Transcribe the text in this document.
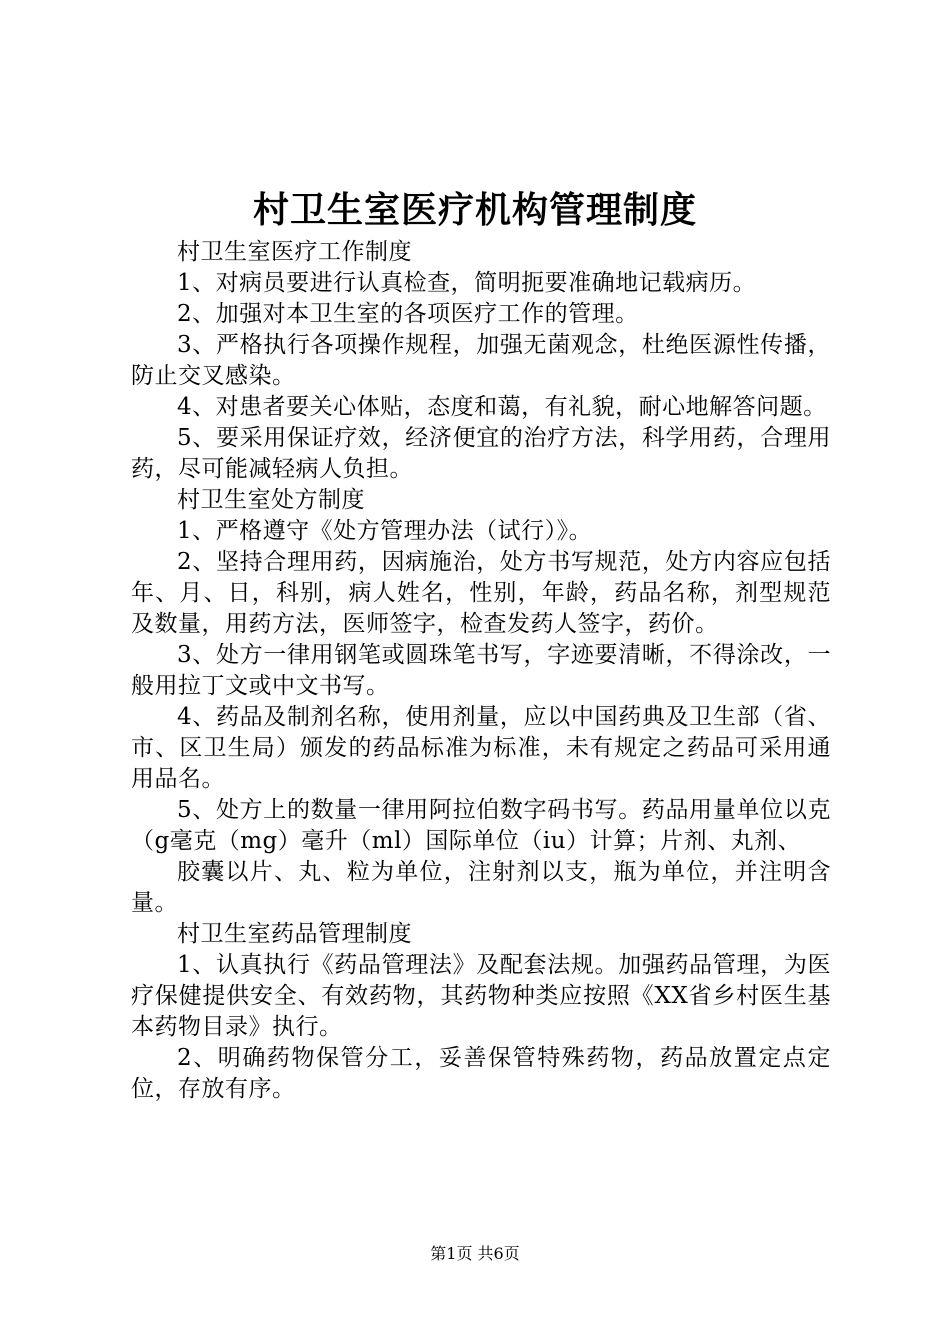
村卫生室医疗机构管理制度

村卫生室医疗工作制度

1、对病员要进行认真检查，简明扼要准确地记载病历。

2、加强对本卫生室的各项医疗工作的管理。

3、严格执行各项操作规程，加强无菌观念，杜绝医源性传播，防止交叉感染。

4、对患者要关心体贴，态度和蔼，有礼貌，耐心地解答问题。

5、要采用保证疗效，经济便宜的治疗方法，科学用药，合理用药，尽可能减轻病人负担。

村卫生室处方制度

1、严格遵守《处方管理办法（试行）》。

2、坚持合理用药，因病施治，处方书写规范，处方内容应包括年、月、日，科别，病人姓名，性别，年龄，药品名称，剂型规范及数量，用药方法，医师签字，检查发药人签字，药价。

3、处方一律用钢笔或圆珠笔书写，字迹要清晰，不得涂改，一般用拉丁文或中文书写。

4、药品及制剂名称，使用剂量，应以中国药典及卫生部（省、市、区卫生局）颁发的药品标准为标准，未有规定之药品可采用通用品名。

5、处方上的数量一律用阿拉伯数字码书写。药品用量单位以克（g毫克（mg）毫升（ml）国际单位（iu）计算；片剂、丸剂、

胶囊以片、丸、粒为单位，注射剂以支，瓶为单位，并注明含量。

村卫生室药品管理制度

1、认真执行《药品管理法》及配套法规。加强药品管理，为医疗保健提供安全、有效药物，其药物种类应按照《XX省乡村医生基本药物目录》执行。

2、明确药物保管分工，妥善保管特殊药物，药品放置定点定位，存放有序。

第1页 共6页
